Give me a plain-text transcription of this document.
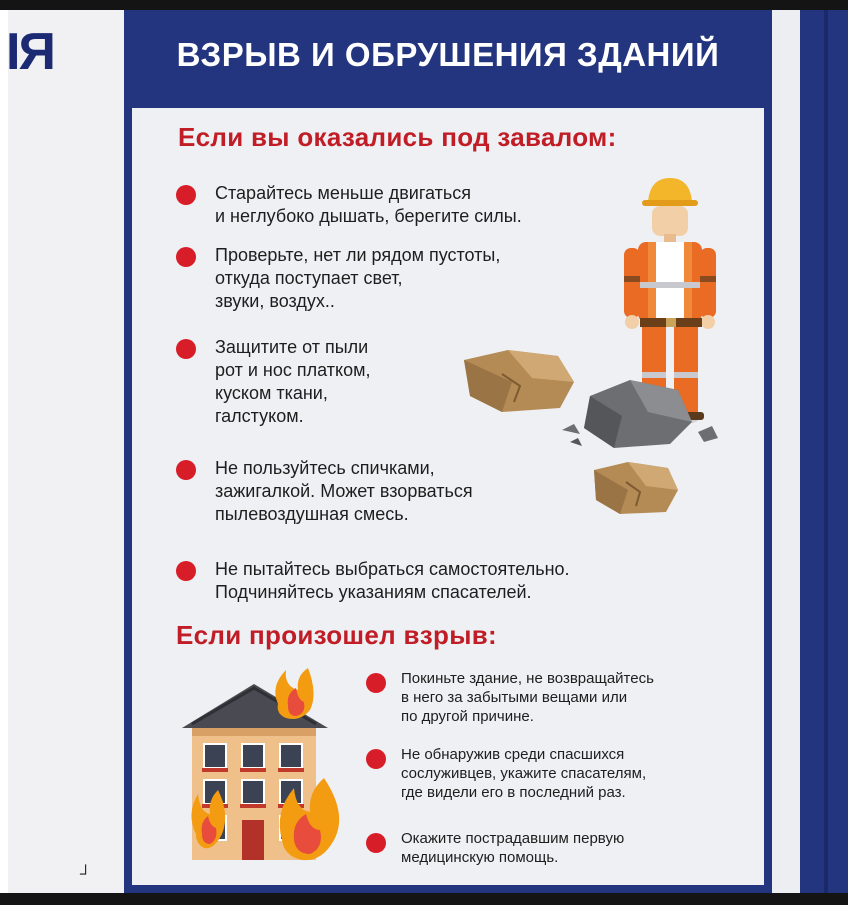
ІЯ
┘
ВЗРЫВ И ОБРУШЕНИЯ ЗДАНИЙ
Если вы оказались под завалом:
Старайтесь меньше двигаться
и неглубоко дышать, берегите силы.
Проверьте, нет ли рядом пустоты,
откуда поступает свет,
звуки, воздух..
Защитите от пыли
рот и нос платком,
куском ткани,
галстуком.
Не пользуйтесь спичками,
зажигалкой. Может взорваться
пылевоздушная смесь.
Не пытайтесь выбраться самостоятельно.
Подчиняйтесь указаниям спасателей.
Если произошел взрыв:
Покиньте здание, не возвращайтесь
в него за забытыми вещами или
по другой причине.
Не обнаружив среди спасшихся
сослуживцев, укажите спасателям,
где видели его в последний раз.
Окажите пострадавшим первую
медицинскую помощь.
